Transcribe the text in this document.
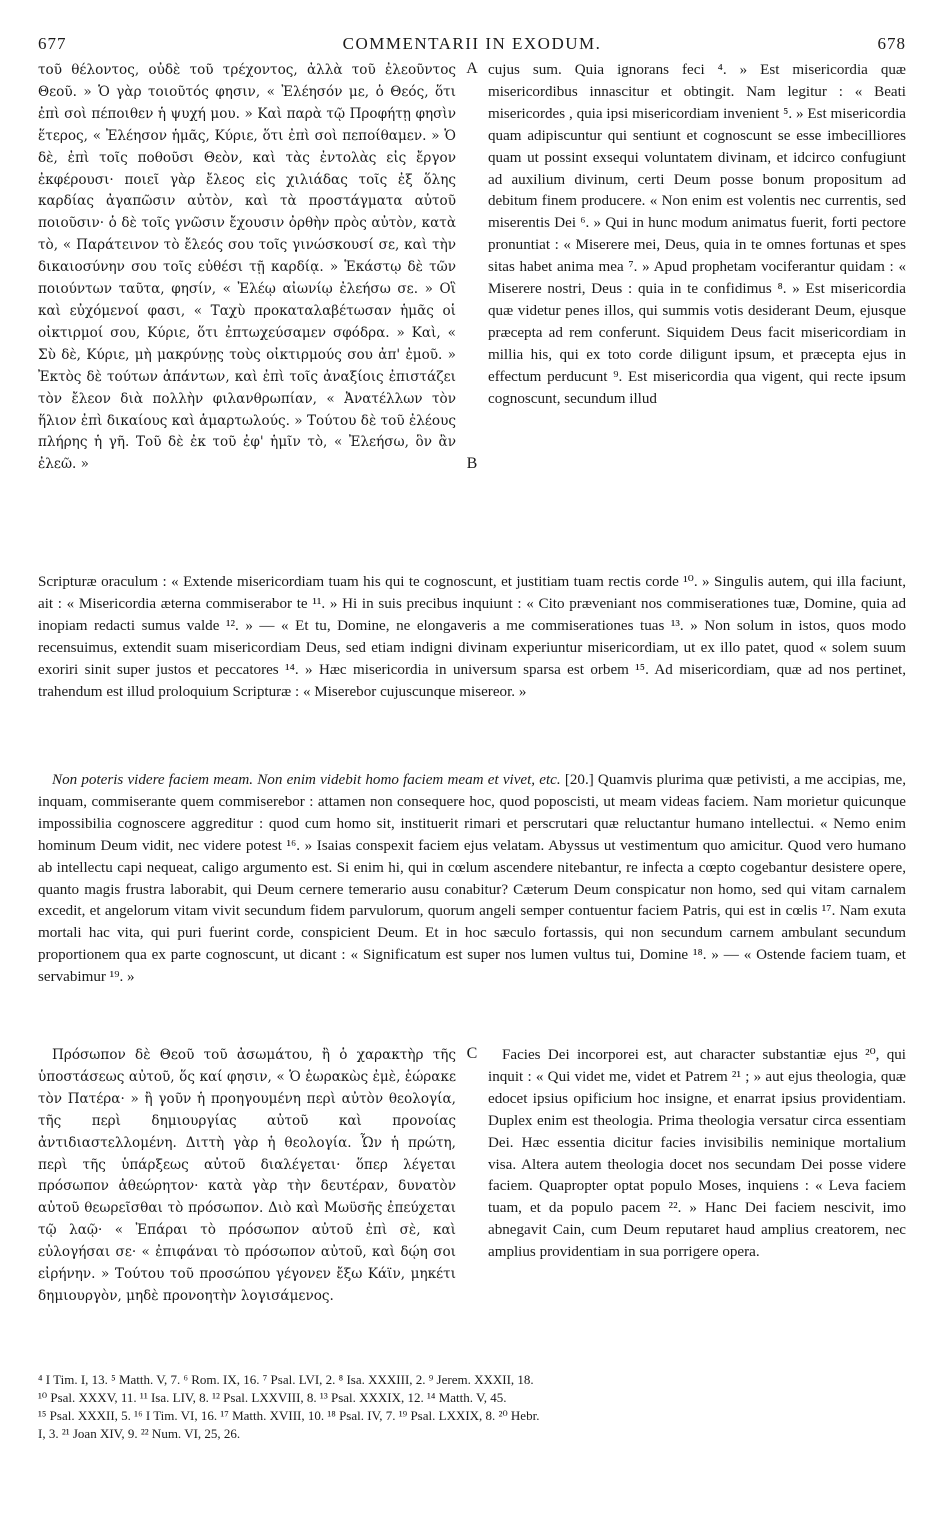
677	COMMENTARII IN EXODUM.	678

τοῦ θέλοντος, οὐδὲ τοῦ τρέχοντος, ἀλλὰ τοῦ ἐλεοῦντος Θεοῦ. » Ὁ γὰρ τοιοῦτός φησιν, « Ἐλέησόν με, ὁ Θεός, ὅτι ἐπὶ σοὶ πέποιθεν ἡ ψυχή μου. » Καὶ παρὰ τῷ Προφήτῃ φησὶν ἕτερος, « Ἐλέησον ἡμᾶς, Κύριε, ὅτι ἐπὶ σοὶ πεποίθαμεν. » Ὁ δὲ, ἐπὶ τοῖς ποθοῦσι Θεὸν, καὶ τὰς ἐντολὰς εἰς ἔργον ἐκφέρουσι· ποιεῖ γὰρ ἔλεος εἰς χιλιάδας τοῖς ἐξ ὅλης καρδίας ἀγαπῶσιν αὐτὸν, καὶ τὰ προστάγματα αὐτοῦ ποιοῦσιν· ὁ δὲ τοῖς γνῶσιν ἔχουσιν ὀρθὴν πρὸς αὐτὸν, κατὰ τὸ, « Παράτεινον τὸ ἔλεός σου τοῖς γινώσκουσί σε, καὶ τὴν δικαιοσύνην σου τοῖς εὐθέσι τῇ καρδίᾳ. » Ἑκάστῳ δὲ τῶν ποιούντων ταῦτα, φησίν, « Ἐλέῳ αἰωνίῳ ἐλεήσω σε. » Οἳ καὶ εὐχόμενοί φασι, « Ταχὺ προκαταλαβέτωσαν ἡμᾶς οἱ οἰκτιρμοί σου, Κύριε, ὅτι ἐπτωχεύσαμεν σφόδρα. » Καὶ, « Σὺ δὲ, Κύριε, μὴ μακρύνῃς τοὺς οἰκτιρμούς σου ἀπ' ἐμοῦ. » Ἐκτὸς δὲ τούτων ἁπάντων, καὶ ἐπὶ τοῖς ἀναξίοις ἐπιστάζει τὸν ἔλεον διὰ πολλὴν φιλανθρωπίαν, « Ἀνατέλλων τὸν ἥλιον ἐπὶ δικαίους καὶ ἁμαρτωλούς. » Τούτου δὲ τοῦ ἐλέους πλήρης ἡ γῆ. Τοῦ δὲ ἐκ τοῦ ἐφ' ἡμῖν τὸ, « Ἐλεήσω, ὃν ἂν ἐλεῶ. »

cujus sum. Quia ignorans feci ⁴. » Est misericordia quæ misericordibus innascitur et obtingit. Nam legitur : « Beati misericordes , quia ipsi misericordiam invenient ⁵. » Est misericordia quam adipiscuntur qui sentiunt et cognoscunt se esse imbecilliores quam ut possint exsequi voluntatem divinam, et idcirco confugiunt ad auxilium divinum, certi Deum posse bonum propositum ad debitum finem producere. « Non enim est volentis nec currentis, sed miserentis Dei ⁶. » Qui in hunc modum animatus fuerit, forti pectore pronuntiat : « Miserere mei, Deus, quia in te omnes fortunas et spes sitas habet anima mea ⁷. » Apud prophetam vociferantur quidam : « Miserere nostri, Deus : quia in te confidimus ⁸. » Est misericordia quæ videtur penes illos, qui summis votis desiderant Deum, ejusque præcepta ad rem conferunt. Siquidem Deus facit misericordiam in millia his, qui ex toto corde diligunt ipsum, et præcepta ejus in effectum perducunt ⁹. Est misericordia qua vigent, qui recte ipsum cognoscunt, secundum illud

A
B

Scripturæ oraculum : « Extende misericordiam tuam his qui te cognoscunt, et justitiam tuam rectis corde ¹⁰. » Singulis autem, qui illa faciunt, ait : « Misericordia æterna commiserabor te ¹¹. » Hi in suis precibus inquiunt : « Cito præveniant nos commiserationes tuæ, Domine, quia ad inopiam redacti sumus valde ¹². » — « Et tu, Domine, ne elongaveris a me commiserationes tuas ¹³. » Non solum in istos, quos modo recensuimus, extendit suam misericordiam Deus, sed etiam indigni divinam experiuntur misericordiam, ut ex illo patet, quod « solem suum exoriri sinit super justos et peccatores ¹⁴. » Hæc misericordia in universum sparsa est orbem ¹⁵. Ad misericordiam, quæ ad nos pertinet, trahendum est illud proloquium Scripturæ : « Miserebor cujuscunque misereor. »

Non poteris videre faciem meam. Non enim videbit homo faciem meam et vivet, etc. [20.] Quamvis plurima quæ petivisti, a me accipias, me, inquam, commiserante quem commiserebor : attamen non consequere hoc, quod poposcisti, ut meam videas faciem. Nam morietur quicunque impossibilia cognoscere aggreditur : quod cum homo sit, instituerit rimari et perscrutari quæ reluctantur humano intellectui. « Nemo enim hominum Deum vidit, nec videre potest ¹⁶. » Isaias conspexit faciem ejus velatam. Abyssus ut vestimentum quo amicitur. Quod vero humano ab intellectu capi nequeat, caligo argumento est. Si enim hi, qui in cœlum ascendere nitebantur, re infecta a cœpto cogebantur desistere opere, quanto magis frustra laborabit, qui Deum cernere temerario ausu conabitur? Cæterum Deum conspicatur non homo, sed qui vitam carnalem excedit, et angelorum vitam vivit secundum fidem parvulorum, quorum angeli semper contuentur faciem Patris, qui est in cœlis ¹⁷. Nam exuta mortali hac vita, qui puri fuerint corde, conspicient Deum. Et in hoc sæculo fortassis, qui non secundum carnem ambulant secundum proportionem qua ex parte cognoscunt, ut dicant : « Significatum est super nos lumen vultus tui, Domine ¹⁸. » — « Ostende faciem tuam, et servabimur ¹⁹. »

Πρόσωπον δὲ Θεοῦ τοῦ ἀσωμάτου, ἢ ὁ χαρακτὴρ τῆς ὑποστάσεως αὐτοῦ, ὅς καί φησιν, « Ὁ ἑωρακὼς ἐμὲ, ἑώρακε τὸν Πατέρα· » ἢ γοῦν ἡ προηγουμένη περὶ αὐτὸν θεολογία, τῆς περὶ δημιουργίας αὐτοῦ καὶ προνοίας ἀντιδιαστελλομένη. Διττὴ γὰρ ἡ θεολογία. Ὧν ἡ πρώτη, περὶ τῆς ὑπάρξεως αὐτοῦ διαλέγεται· ὅπερ λέγεται πρόσωπον ἀθεώρητον· κατὰ γὰρ τὴν δευτέραν, δυνατὸν αὐτοῦ θεωρεῖσθαι τὸ πρόσωπον. Διὸ καὶ Μωϋσῆς ἐπεύχεται τῷ λαῷ· « Ἐπάραι τὸ πρόσωπον αὐτοῦ ἐπὶ σὲ, καὶ εὐλογήσαι σε· « ἐπιφάναι τὸ πρόσωπον αὐτοῦ, καὶ δῴη σοι εἰρήνην. » Τούτου τοῦ προσώπου γέγονεν ἔξω Κάϊν, μηκέτι δημιουργὸν, μηδὲ προνοητὴν λογισάμενος.

Facies Dei incorporei est, aut character substantiæ ejus ²⁰, qui inquit : « Qui videt me, videt et Patrem ²¹ ; » aut ejus theologia, quæ edocet ipsius opificium hoc insigne, et enarrat ipsius providentiam. Duplex enim est theologia. Prima theologia versatur circa essentiam Dei. Hæc essentia dicitur facies invisibilis neminique mortalium visa. Altera autem theologia docet nos secundam Dei posse videre faciem. Quapropter optat populo Moses, inquiens : « Leva faciem tuam, et da populo pacem ²². » Hanc Dei faciem nescivit, imo abnegavit Cain, cum Deum reputaret haud amplius creatorem, nec amplius providentiam in sua porrigere opera.

C

⁴ I Tim. I, 13. ⁵ Matth. V, 7. ⁶ Rom. IX, 16. ⁷ Psal. LVI, 2. ⁸ Isa. XXXIII, 2. ⁹ Jerem. XXXII, 18.

¹⁰ Psal. XXXV, 11. ¹¹ Isa. LIV, 8. ¹² Psal. LXXVIII, 8. ¹³ Psal. XXXIX, 12. ¹⁴ Matth. V, 45.

¹⁵ Psal. XXXII, 5. ¹⁶ I Tim. VI, 16. ¹⁷ Matth. XVIII, 10. ¹⁸ Psal. IV, 7. ¹⁹ Psal. LXXIX, 8. ²⁰ Hebr.

I, 3. ²¹ Joan XIV, 9. ²² Num. VI, 25, 26.
